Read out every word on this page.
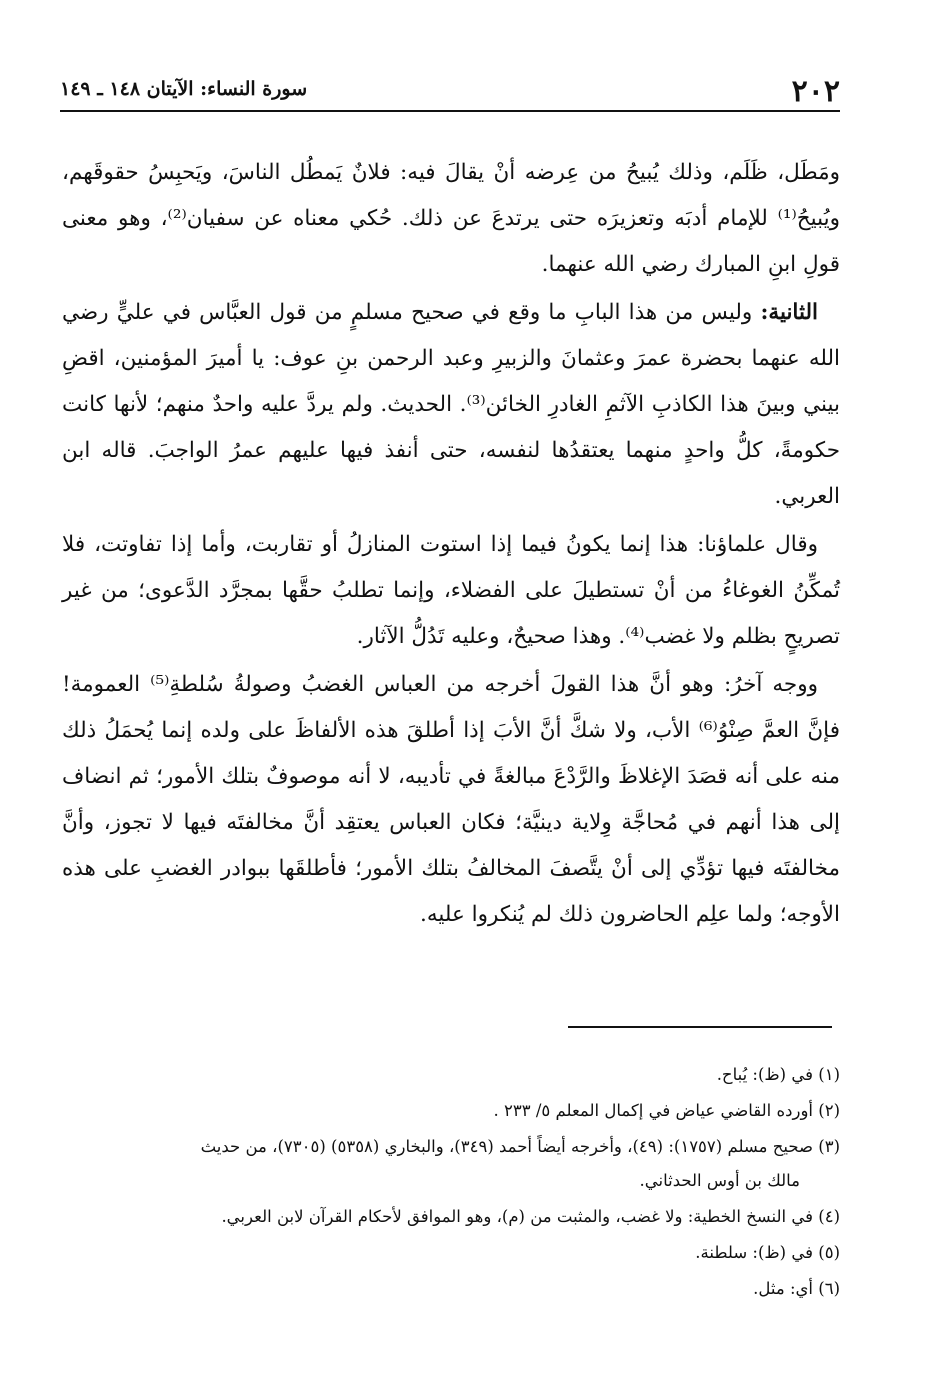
٢٠٢
سورة النساء: الآيتان ١٤٨ ـ ١٤٩

ومَطَل، ظَلَم، وذلك يُبيحُ من عِرضه أنْ يقالَ فيه: فلانٌ يَمطُل الناسَ، ويَحبِسُ حقوقَهم، ويُبيحُ⁽¹⁾ للإمام أدبَه وتعزيرَه حتى يرتدعَ عن ذلك. حُكي معناه عن سفيان⁽²⁾، وهو معنى قولِ ابنِ المبارك رضي الله عنهما.

الثانية: وليس من هذا البابِ ما وقع في صحيح مسلمٍ من قول العبَّاس في عليٍّ رضي الله عنهما بحضرة عمرَ وعثمانَ والزبيرِ وعبد الرحمن بنِ عوف: يا أميرَ المؤمنين، اقضِ بيني وبينَ هذا الكاذبِ الآثمِ الغادرِ الخائن⁽³⁾. الحديث. ولم يردَّ عليه واحدٌ منهم؛ لأنها كانت حكومةً، كلُّ واحدٍ منهما يعتقدُها لنفسه، حتى أنفذ فيها عليهم عمرُ الواجبَ. قاله ابن العربي.

وقال علماؤنا: هذا إنما يكونُ فيما إذا استوت المنازلُ أو تقاربت، وأما إذا تفاوتت، فلا تُمكِّنُ الغوغاءُ من أنْ تستطيلَ على الفضلاء، وإنما تطلبُ حقَّها بمجرَّد الدَّعوى؛ من غير تصريحٍ بظلم ولا غضب⁽⁴⁾. وهذا صحيحٌ، وعليه تَدُلُّ الآثار.

ووجه آخرُ: وهو أنَّ هذا القولَ أخرجه من العباس الغضبُ وصولةُ سُلطةِ⁽⁵⁾ العمومة! فإنَّ العمَّ صِنْوُ⁽⁶⁾ الأب، ولا شكَّ أنَّ الأبَ إذا أطلقَ هذه الألفاظَ على ولده إنما يُحمَلُ ذلك منه على أنه قصَدَ الإغلاظَ والرَّدْعَ مبالغةً في تأديبه، لا أنه موصوفٌ بتلك الأمور؛ ثم انضاف إلى هذا أنهم في مُحاجَّة وِلاية دينيَّة؛ فكان العباس يعتقِد أنَّ مخالفتَه فيها لا تجوز، وأنَّ مخالفتَه فيها تؤدِّي إلى أنْ يتَّصفَ المخالفُ بتلك الأمور؛ فأطلقَها ببوادر الغضبِ على هذه الأوجه؛ ولما علِم الحاضرون ذلك لم يُنكروا عليه.

(١) في (ظ): يُباح.

(٢) أورده القاضي عياض في إكمال المعلم ٥/ ٢٣٣ .

(٣) صحيح مسلم (١٧٥٧): (٤٩)، وأخرجه أيضاً أحمد (٣٤٩)، والبخاري (٥٣٥٨) (٧٣٠٥)، من حديث
مالك بن أوس الحدثاني.

(٤) في النسخ الخطية: ولا غضب، والمثبت من (م)، وهو الموافق لأحكام القرآن لابن العربي.

(٥) في (ظ): سلطنة.

(٦) أي: مثل.
